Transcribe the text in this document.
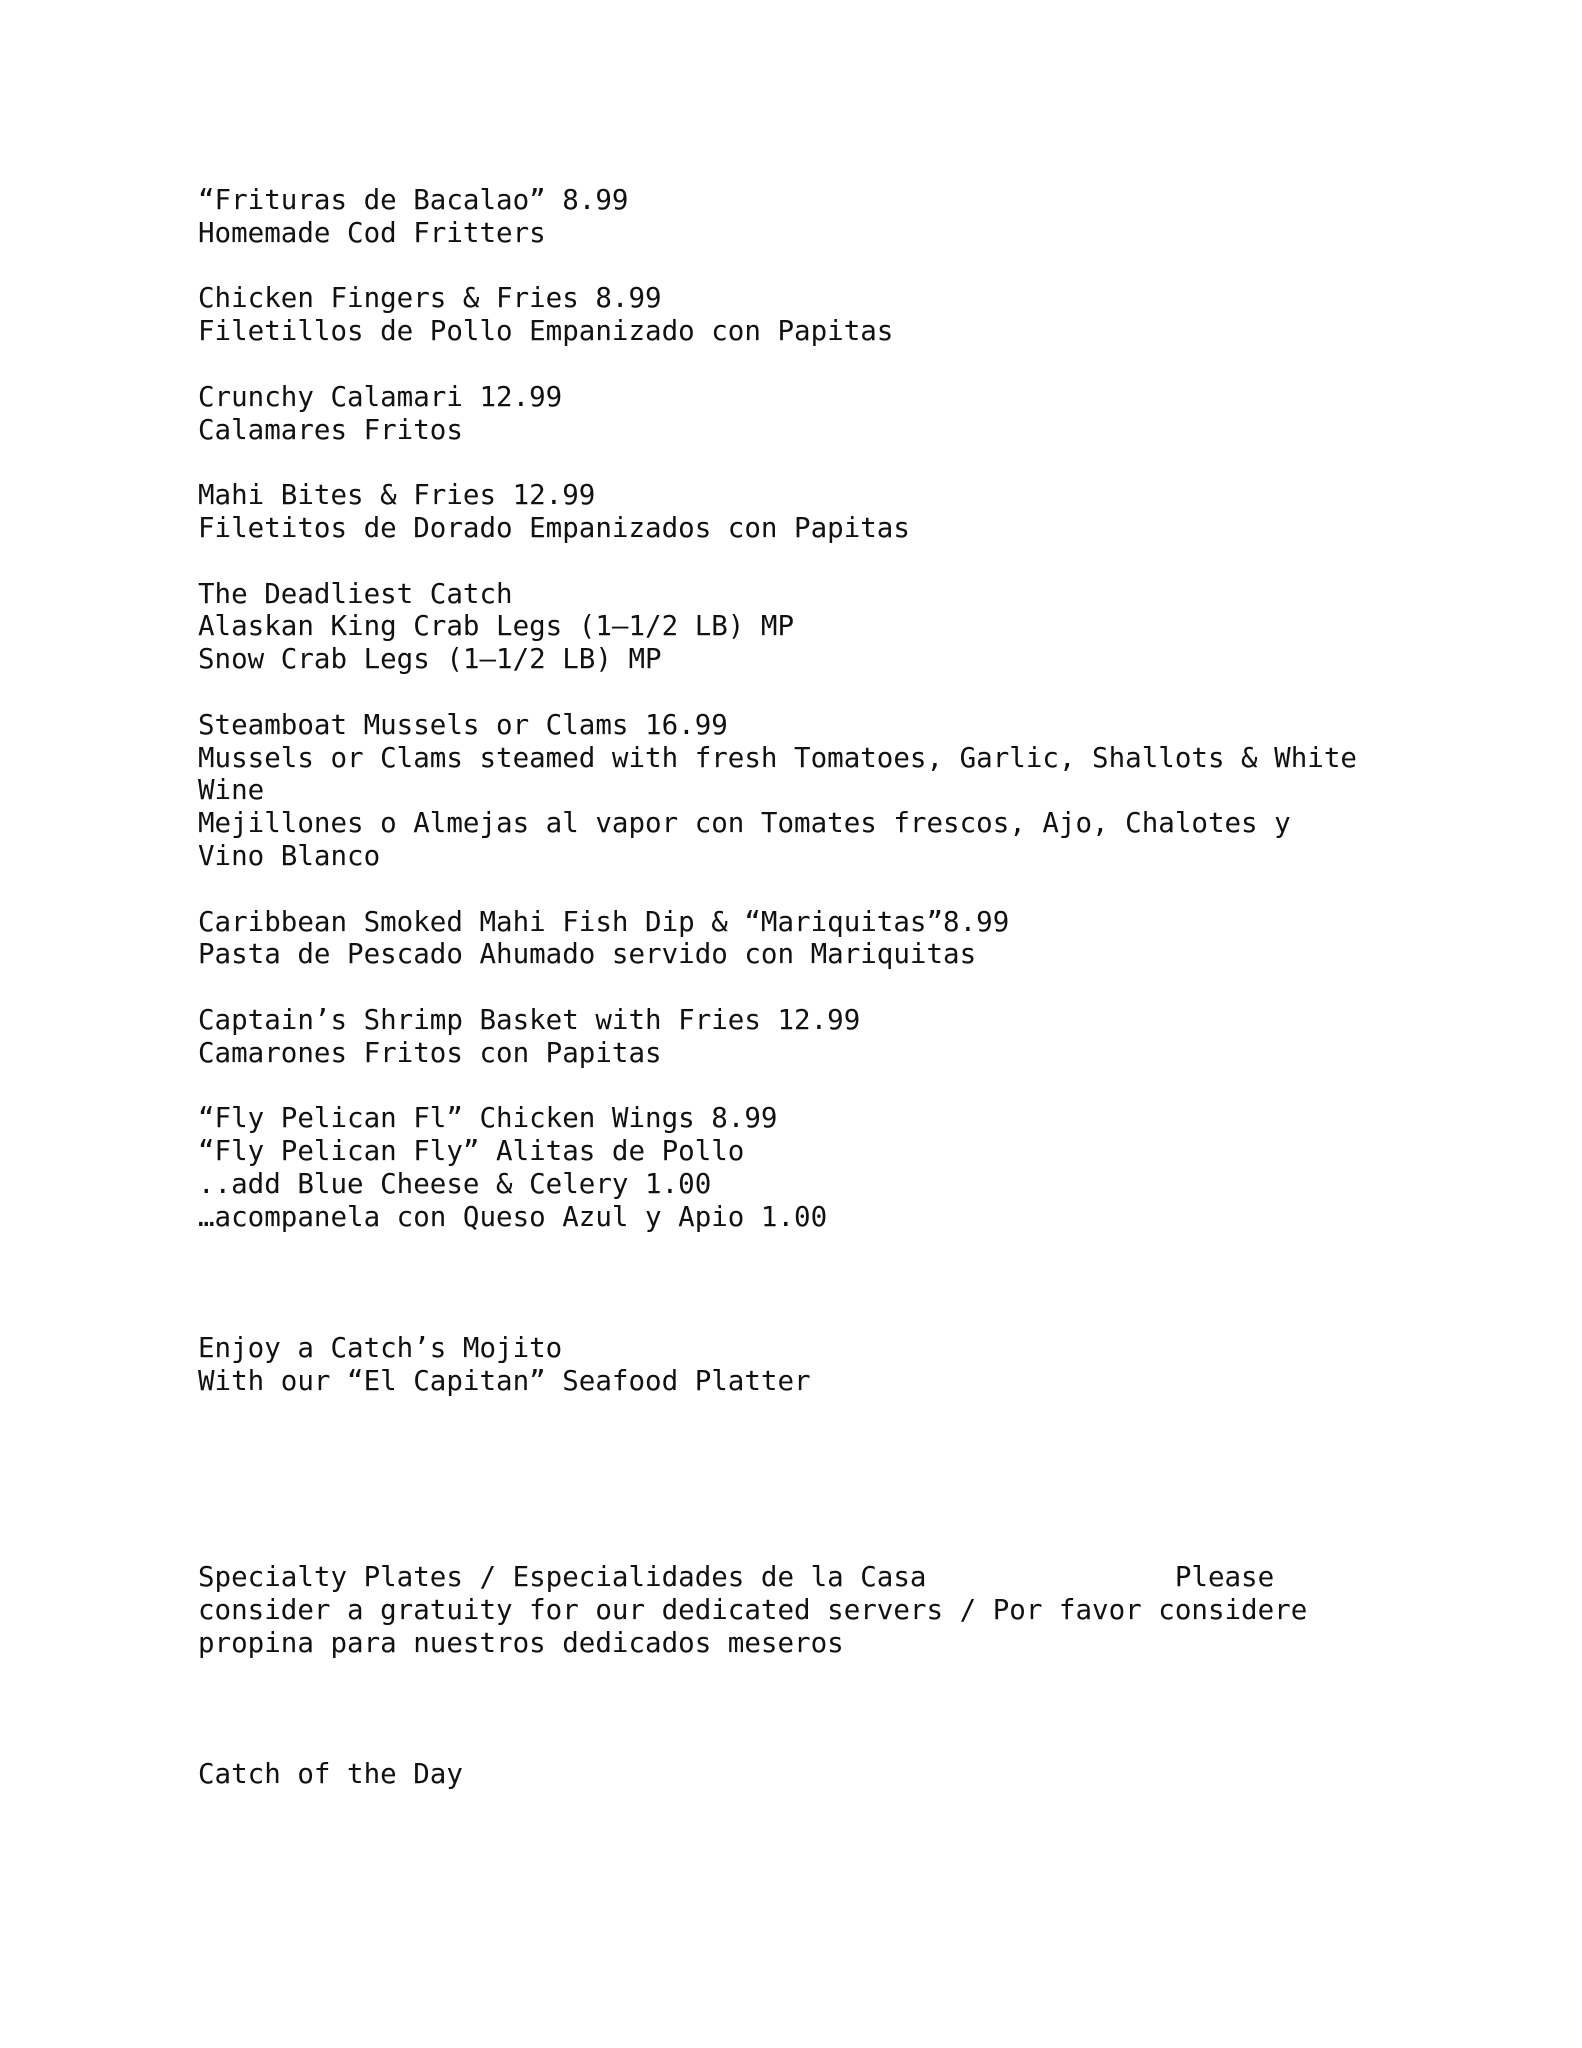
“Frituras de Bacalao” 8.99
Homemade Cod Fritters
Chicken Fingers & Fries 8.99
Filetillos de Pollo Empanizado con Papitas
Crunchy Calamari 12.99
Calamares Fritos
Mahi Bites & Fries 12.99
Filetitos de Dorado Empanizados con Papitas
The Deadliest Catch
Alaskan King Crab Legs (1–1/2 LB) MP
Snow Crab Legs (1–1/2 LB) MP
Steamboat Mussels or Clams 16.99
Mussels or Clams steamed with fresh Tomatoes, Garlic, Shallots & White
Wine
Mejillones o Almejas al vapor con Tomates frescos, Ajo, Chalotes y
Vino Blanco
Caribbean Smoked Mahi Fish Dip & “Mariquitas”8.99
Pasta de Pescado Ahumado servido con Mariquitas
Captain’s Shrimp Basket with Fries 12.99
Camarones Fritos con Papitas
“Fly Pelican Fl” Chicken Wings 8.99
“Fly Pelican Fly” Alitas de Pollo
..add Blue Cheese & Celery 1.00
…acompanela con Queso Azul y Apio 1.00
Enjoy a Catch’s Mojito
With our “El Capitan” Seafood Platter
Specialty Plates / Especialidades de la Casa               Please
consider a gratuity for our dedicated servers / Por favor considere
propina para nuestros dedicados meseros
Catch of the Day
